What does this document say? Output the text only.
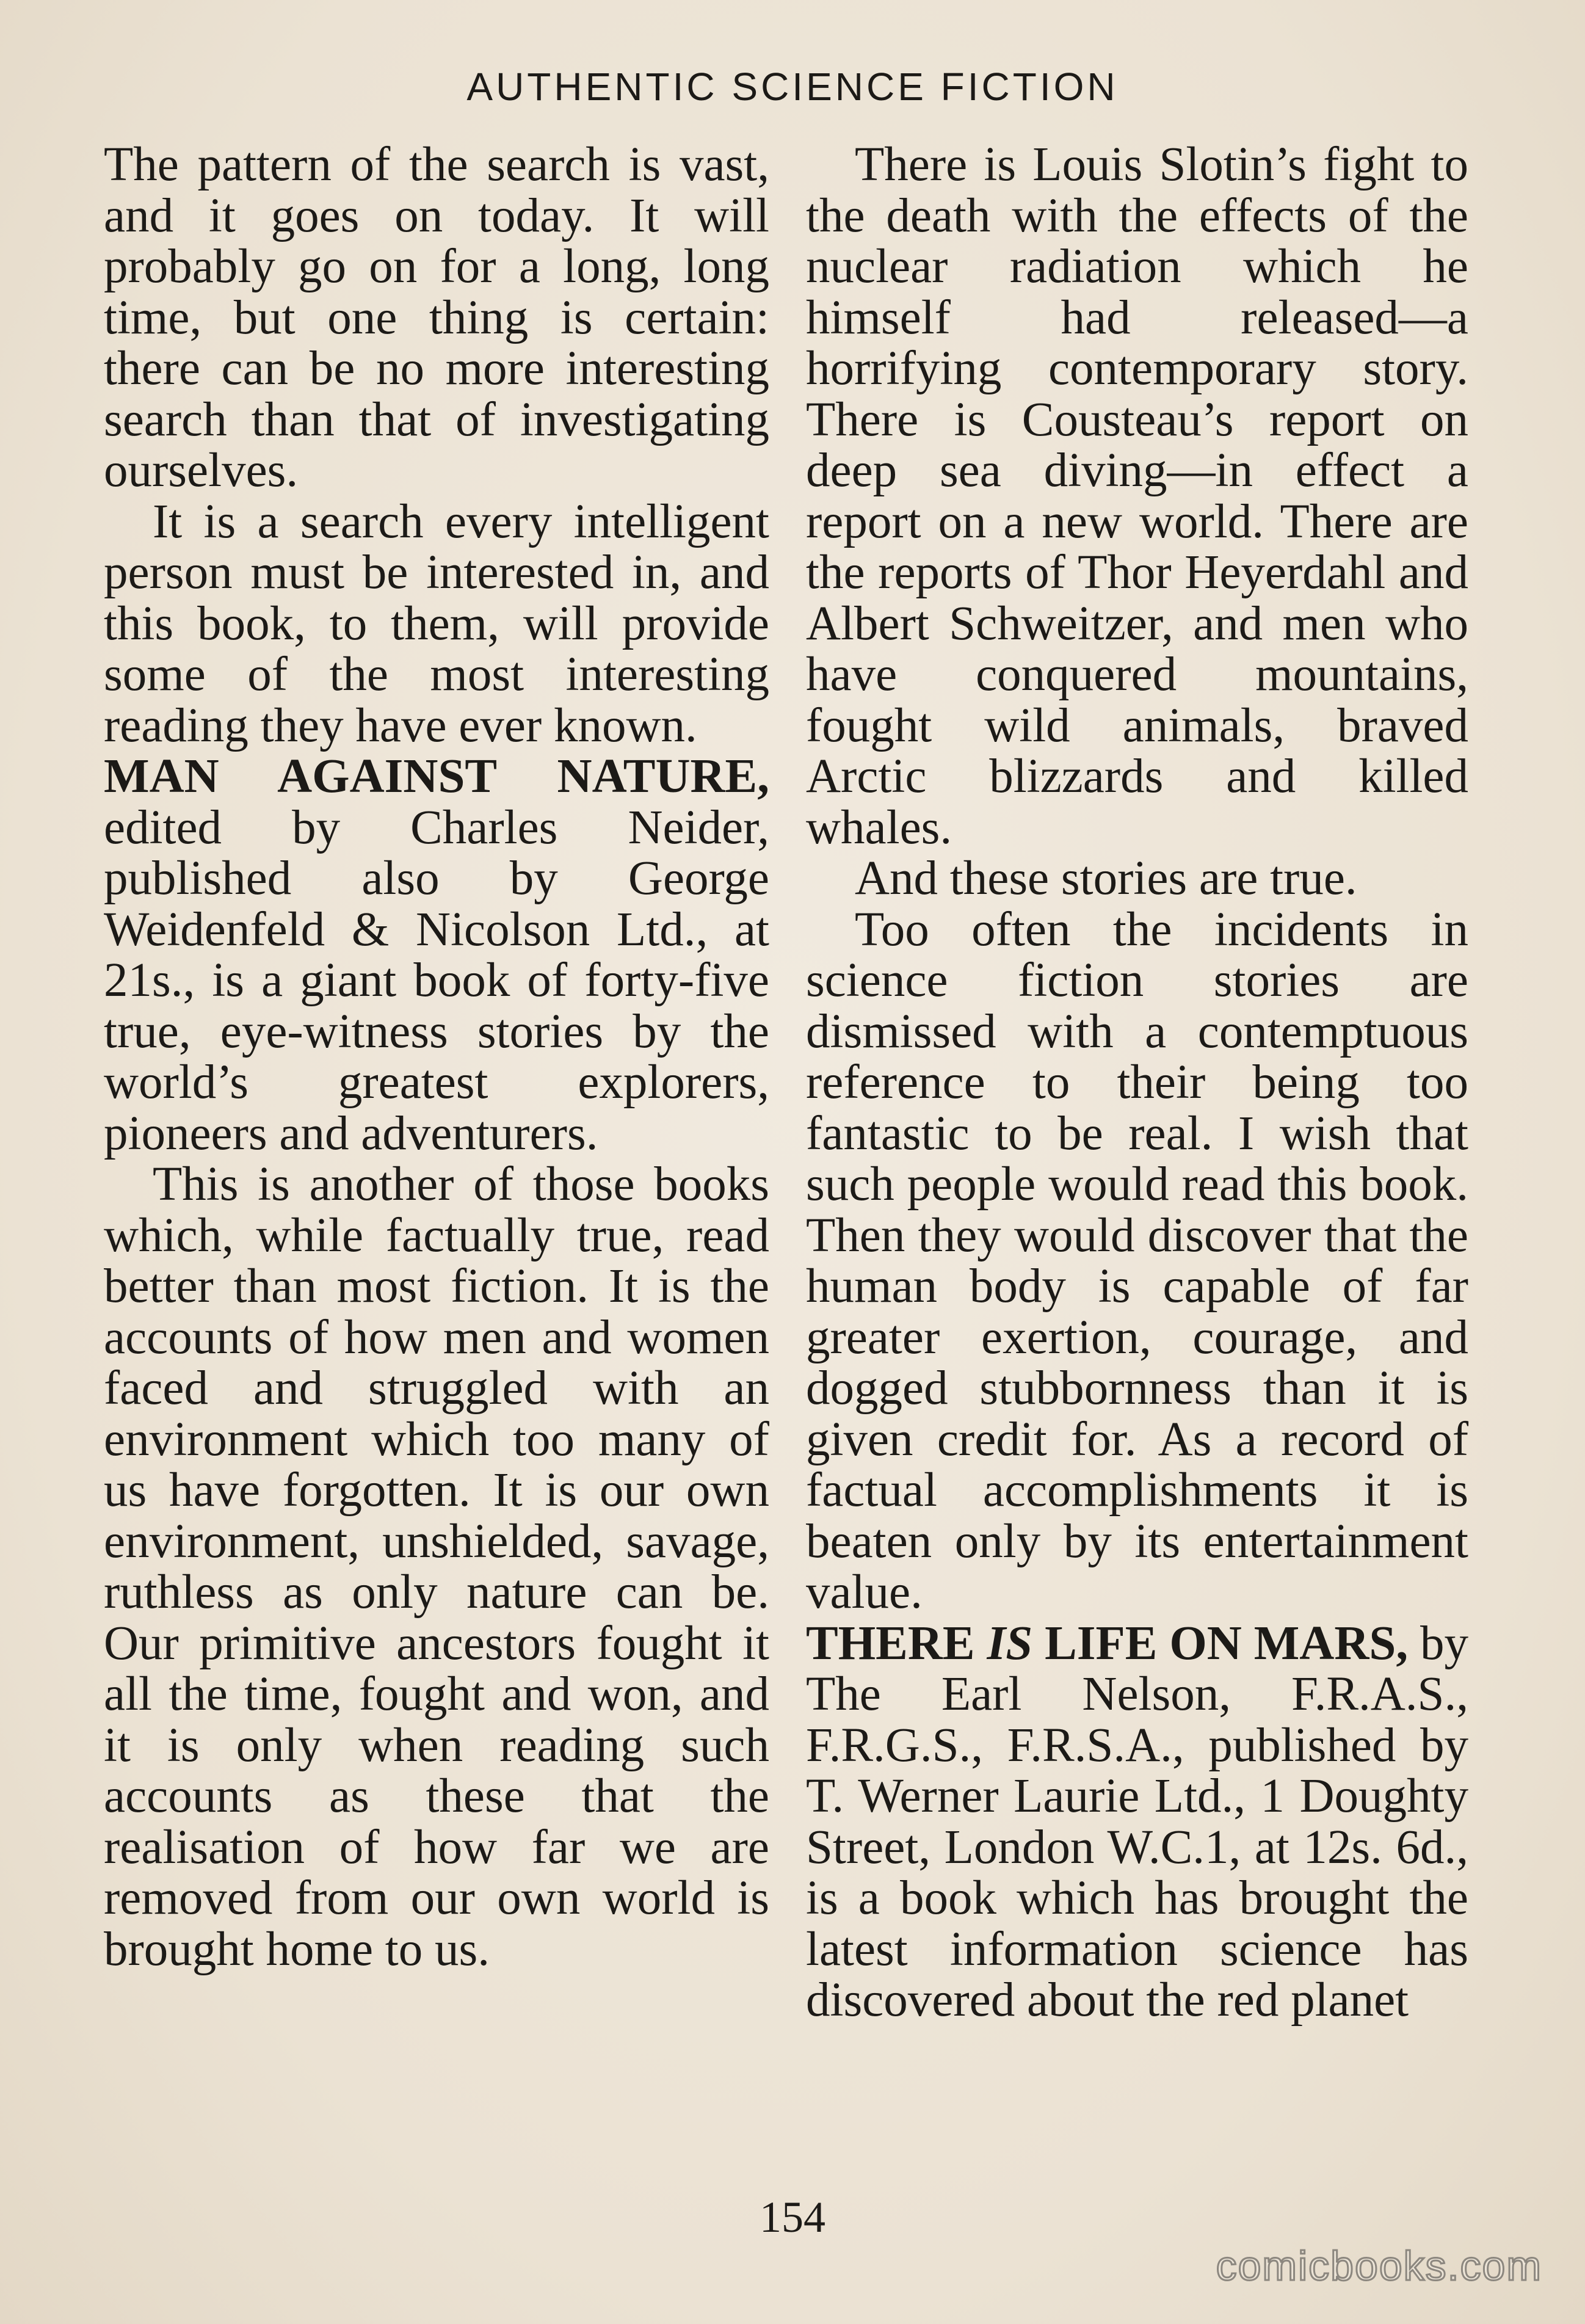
AUTHENTIC SCIENCE FICTION

The pattern of the search is vast, and it goes on today. It will probably go on for a long, long time, but one thing is certain: there can be no more interesting search than that of investigating ourselves.

It is a search every intelligent person must be interested in, and this book, to them, will provide some of the most interesting reading they have ever known.

MAN AGAINST NATURE, edited by Charles Neider, published also by George Weidenfeld & Nicolson Ltd., at 21s., is a giant book of forty-five true, eye-witness stories by the world’s greatest explorers, pioneers and adventurers.

This is another of those books which, while factually true, read better than most fiction. It is the accounts of how men and women faced and struggled with an environment which too many of us have forgotten. It is our own environment, unshielded, savage, ruthless as only nature can be. Our primitive ancestors fought it all the time, fought and won, and it is only when reading such accounts as these that the realisation of how far we are removed from our own world is brought home to us.

There is Louis Slotin’s fight to the death with the effects of the nuclear radiation which he himself had released—a horrifying contemporary story. There is Cousteau’s report on deep sea diving—in effect a report on a new world. There are the reports of Thor Heyerdahl and Albert Schweitzer, and men who have conquered mountains, fought wild animals, braved Arctic blizzards and killed whales.

And these stories are true.

Too often the incidents in science fiction stories are dismissed with a contemptuous reference to their being too fantastic to be real. I wish that such people would read this book. Then they would discover that the human body is capable of far greater exertion, courage, and dogged stubbornness than it is given credit for. As a record of factual accomplishments it is beaten only by its entertainment value.

THERE IS LIFE ON MARS, by The Earl Nelson, F.R.A.S., F.R.G.S., F.R.S.A., published by T. Werner Laurie Ltd., 1 Doughty Street, London W.C.1, at 12s. 6d., is a book which has brought the latest information science has discovered about the red planet

154
comicbooks.com
